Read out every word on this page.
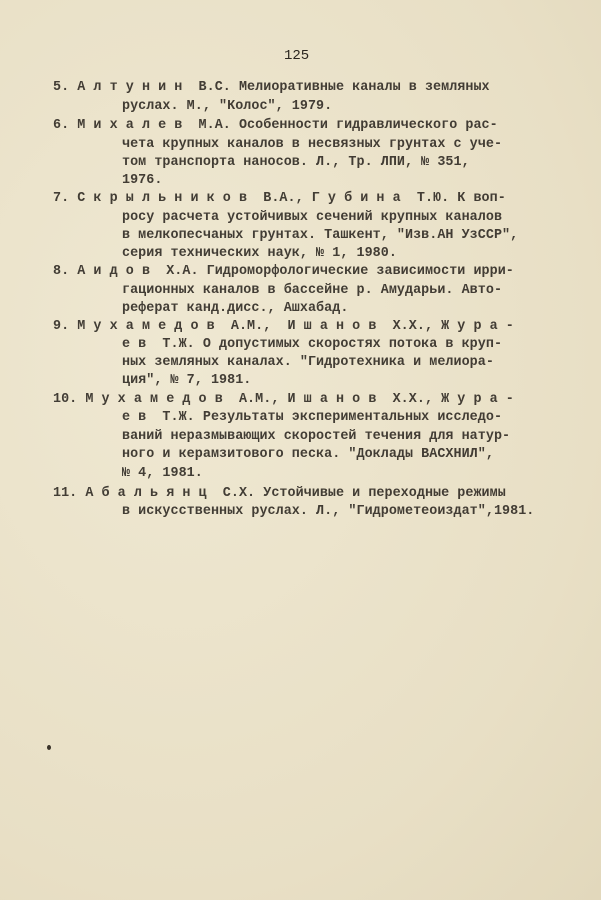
125
5. А л т у н и н  В.С. Мелиоративные каналы в земляных
руслах. М., "Колос", 1979.
6. М и х а л е в  М.А. Особенности гидравлического рас-
чета крупных каналов в несвязных грунтах с уче-
том транспорта наносов. Л., Тр. ЛПИ, № 351,
1976.
7. С к р ы л ь н и к о в  В.А., Г у б и н а  Т.Ю. К воп-
росу расчета устойчивых сечений крупных каналов
в мелкопесчаных грунтах. Ташкент, "Изв.АН УзССР",
серия технических наук, № 1, 1980.
8. А и д о в  Х.А. Гидроморфологические зависимости ирри-
гационных каналов в бассейне р. Амударьи. Авто-
реферат канд.дисс., Ашхабад.
9. М у х а м е д о в  А.М.,  И ш а н о в  Х.Х., Ж у р а -
е в  Т.Ж. О допустимых скоростях потока в круп-
ных земляных каналах. "Гидротехника и мелиора-
ция", № 7, 1981.
10. М у х а м е д о в  А.М., И ш а н о в  Х.Х., Ж у р а -
е в  Т.Ж. Результаты экспериментальных исследо-
ваний неразмывающих скоростей течения для натур-
ного и керамзитового песка. "Доклады ВАСХНИЛ",
№ 4, 1981.
11. А б а л ь я н ц  С.Х. Устойчивые и переходные режимы
в искусственных руслах. Л., "Гидрометеоиздат",1981.
